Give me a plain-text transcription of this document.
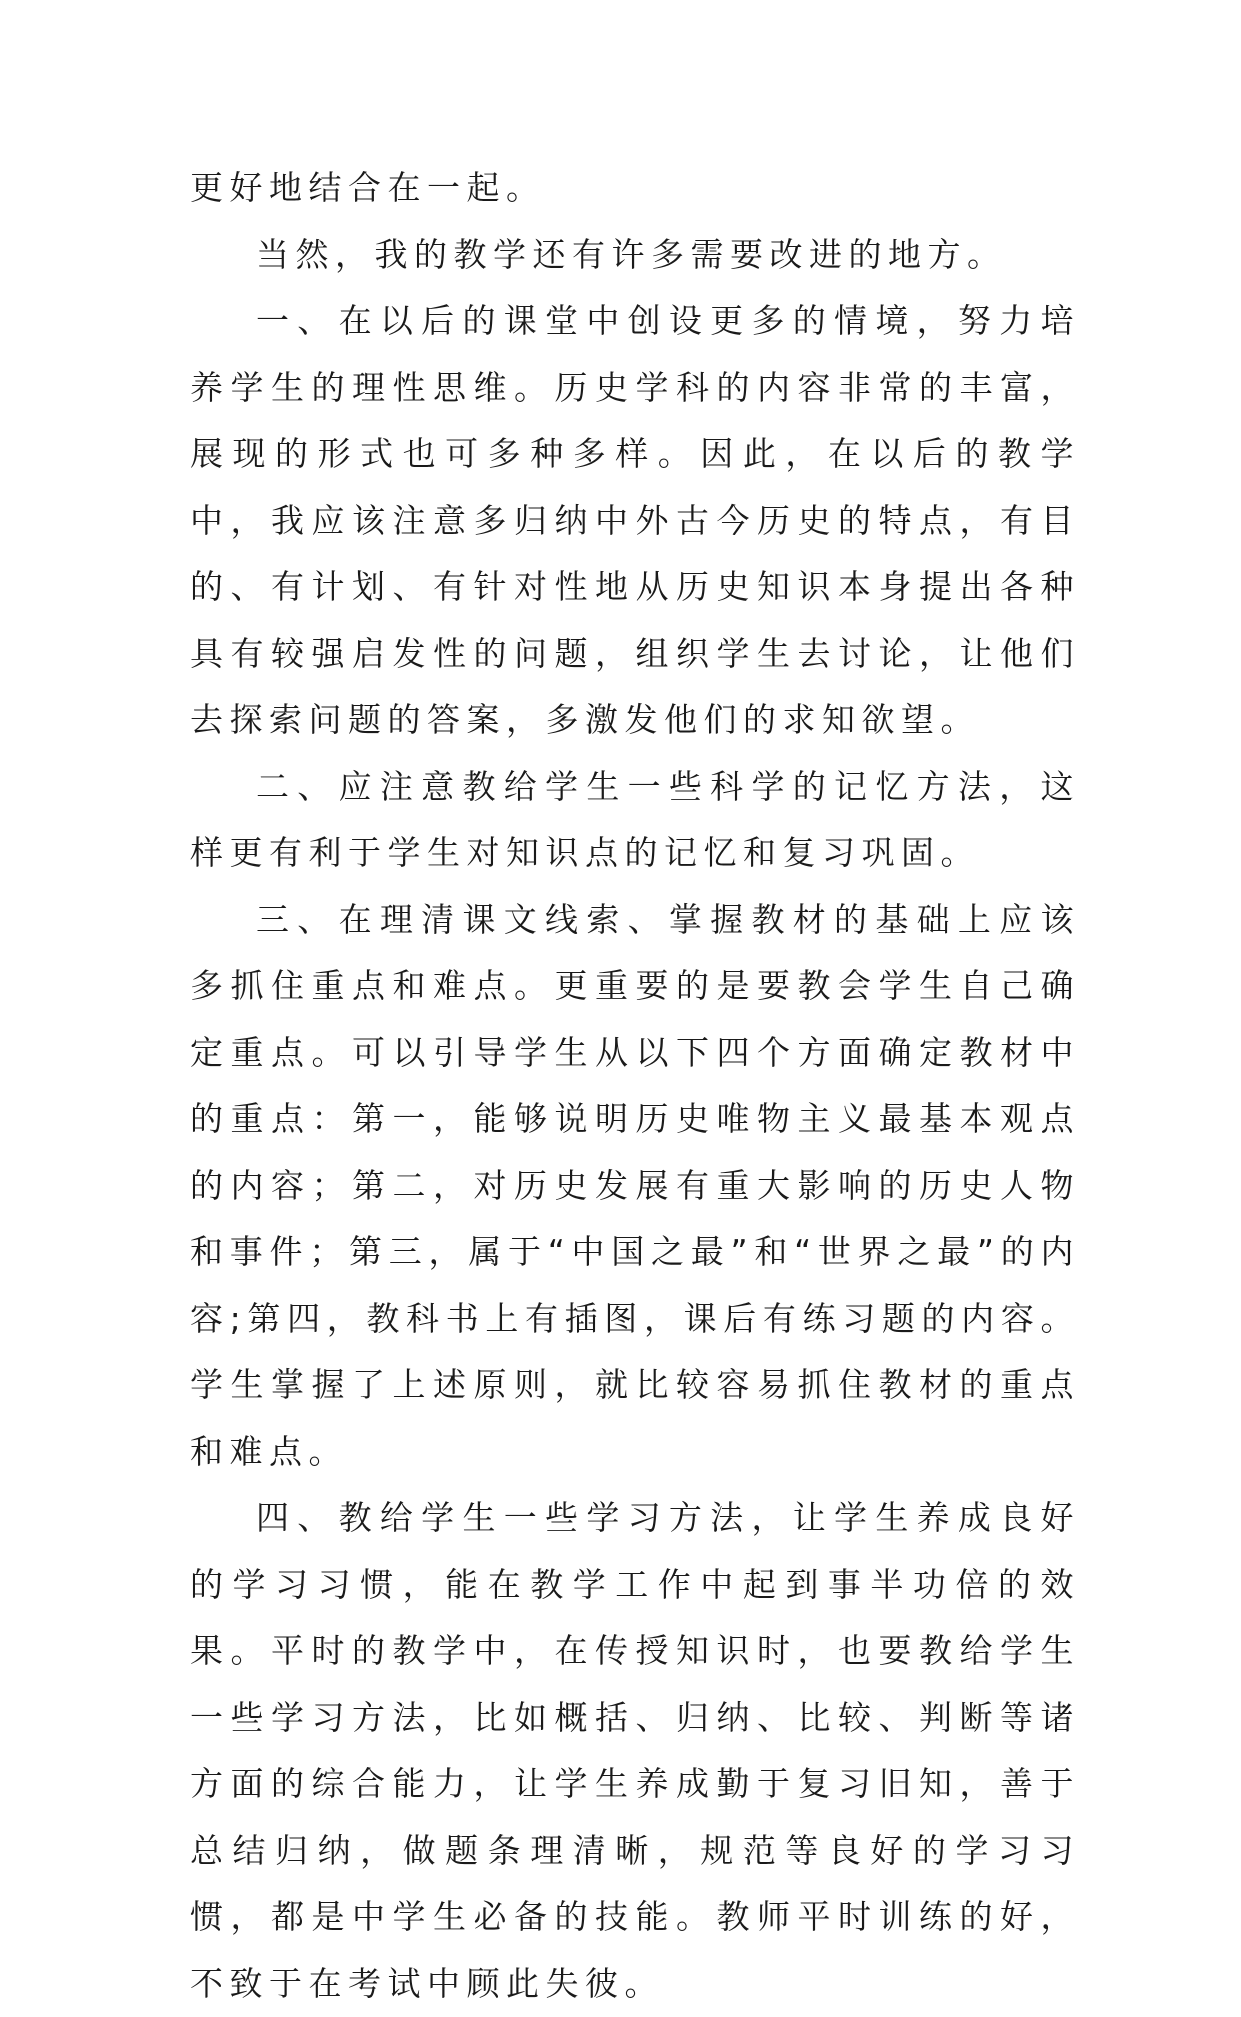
更好地结合在一起。

当然，我的教学还有许多需要改进的地方。

一、在以后的课堂中创设更多的情境，努力培养学生的理性思维。历史学科的内容非常的丰富，展现的形式也可多种多样。因此，在以后的教学中，我应该注意多归纳中外古今历史的特点，有目的、有计划、有针对性地从历史知识本身提出各种具有较强启发性的问题，组织学生去讨论，让他们去探索问题的答案，多激发他们的求知欲望。

二、应注意教给学生一些科学的记忆方法，这样更有利于学生对知识点的记忆和复习巩固。

三、在理清课文线索、掌握教材的基础上应该多抓住重点和难点。更重要的是要教会学生自己确定重点。可以引导学生从以下四个方面确定教材中的重点：第一，能够说明历史唯物主义最基本观点的内容；第二，对历史发展有重大影响的历史人物和事件；第三，属于“中国之最”和“世界之最”的内容;第四，教科书上有插图，课后有练习题的内容。学生掌握了上述原则，就比较容易抓住教材的重点和难点。

四、教给学生一些学习方法，让学生养成良好的学习习惯，能在教学工作中起到事半功倍的效果。平时的教学中，在传授知识时，也要教给学生一些学习方法，比如概括、归纳、比较、判断等诸方面的综合能力，让学生养成勤于复习旧知，善于总结归纳，做题条理清晰，规范等良好的学习习惯，都是中学生必备的技能。教师平时训练的好，不致于在考试中顾此失彼。
